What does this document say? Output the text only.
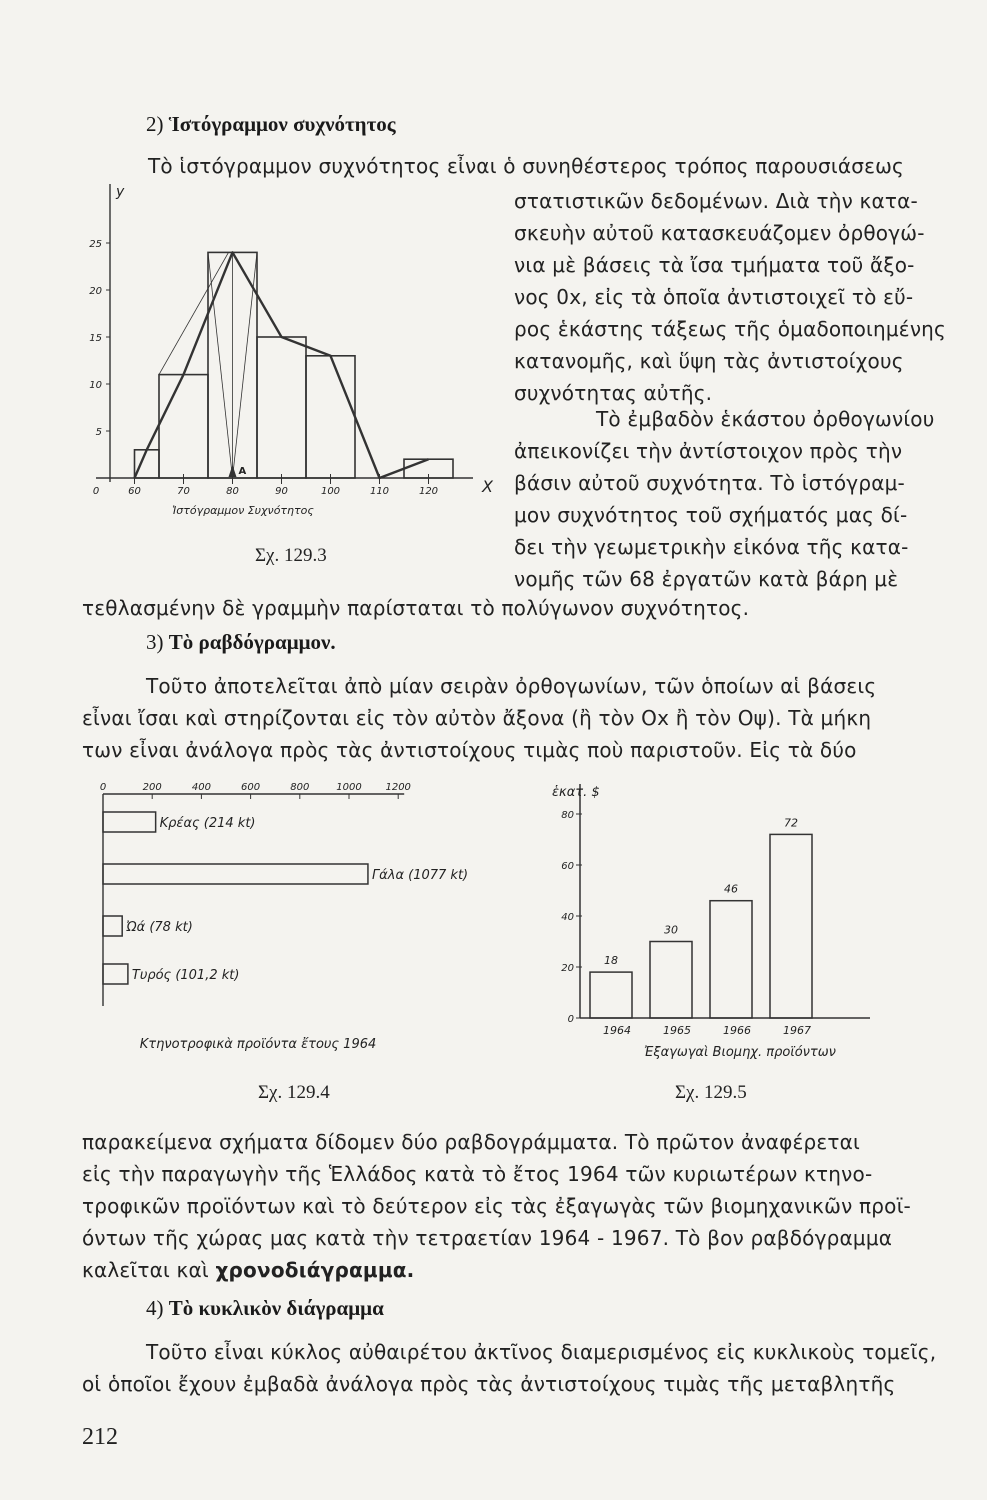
2) Ἱστόγραμμον συχνότητος
Τὸ ἱστόγραμμον συχνότητος εἶναι ὁ συνηθέστερος τρόπος παρουσιάσεως
στατιστικῶν δεδομένων. Διὰ τὴν κατα-
σκευὴν αὐτοῦ κατασκευάζομεν ὀρθογώ-
νια μὲ βάσεις τὰ ἴσα τμήματα τοῦ ἄξο-
νος 0x, εἰς τὰ ὁποῖα ἀντιστοιχεῖ τὸ εὔ-
ρος ἑκάστης τάξεως τῆς ὁμαδοποιημένης
κατανομῆς, καὶ ὕψη τὰς ἀντιστοίχους
συχνότητας αὐτῆς.
Τὸ ἐμβαδὸν ἑκάστου ὀρθογωνίου
ἀπεικονίζει τὴν ἀντίστοιχον πρὸς τὴν
βάσιν αὐτοῦ συχνότητα. Τὸ ἱστόγραμ-
μον συχνότητος τοῦ σχήματός μας δί-
δει τὴν γεωμετρικὴν εἰκόνα τῆς κατα-
νομῆς τῶν 68 ἐργατῶν κατὰ βάρη μὲ
τεθλασμένην δὲ γραμμὴν παρίσταται τὸ πολύγωνον συχνότητος.
y
Χ
5
10
15
20
25
0	60	70	80	90	100	110	120
A
Ἱστόγραμμον Συχνότητος
Σχ. 129.3
3) Τὸ ραβδόγραμμον.
Τοῦτο ἀποτελεῖται ἀπὸ μίαν σειρὰν ὀρθογωνίων, τῶν ὁποίων αἱ βάσεις
εἶναι ἴσαι καὶ στηρίζονται εἰς τὸν αὐτὸν ἄξονα (ἢ τὸν Οx ἢ τὸν Οψ). Τὰ μήκη
των εἶναι ἀνάλογα πρὸς τὰς ἀντιστοίχους τιμὰς ποὺ παριστοῦν. Εἰς τὰ δύο
0	200	400	600	800	1000 1200
Κρέας (214 kt)
Γάλα (1077 kt)
Ὠά (78 kt)
Τυρός (101,2 kt)
Κτηνοτροφικὰ προϊόντα ἔτους 1964
Σχ. 129.4
ἑκατ. $
0
20
40
60
80
18
1964
30
1965
46
1966
72
1967
Ἐξαγωγαὶ Βιομηχ. προϊόντων
Σχ. 129.5
παρακείμενα σχήματα δίδομεν δύο ραβδογράμματα. Τὸ πρῶτον ἀναφέρεται
εἰς τὴν παραγωγὴν τῆς Ἑλλάδος κατὰ τὸ ἔτος 1964 τῶν κυριωτέρων κτηνο-
τροφικῶν προϊόντων καὶ τὸ δεύτερον εἰς τὰς ἐξαγωγὰς τῶν βιομηχανικῶν προϊ-
όντων τῆς χώρας μας κατὰ τὴν τετραετίαν 1964 - 1967. Τὸ βον ραβδόγραμμα
καλεῖται καὶ χρονοδιάγραμμα.
4) Τὸ κυκλικὸν διάγραμμα
Τοῦτο εἶναι κύκλος αὐθαιρέτου ἀκτῖνος διαμερισμένος εἰς κυκλικοὺς τομεῖς,
οἱ ὁποῖοι ἔχουν ἐμβαδὰ ἀνάλογα πρὸς τὰς ἀντιστοίχους τιμὰς τῆς μεταβλητῆς
212
